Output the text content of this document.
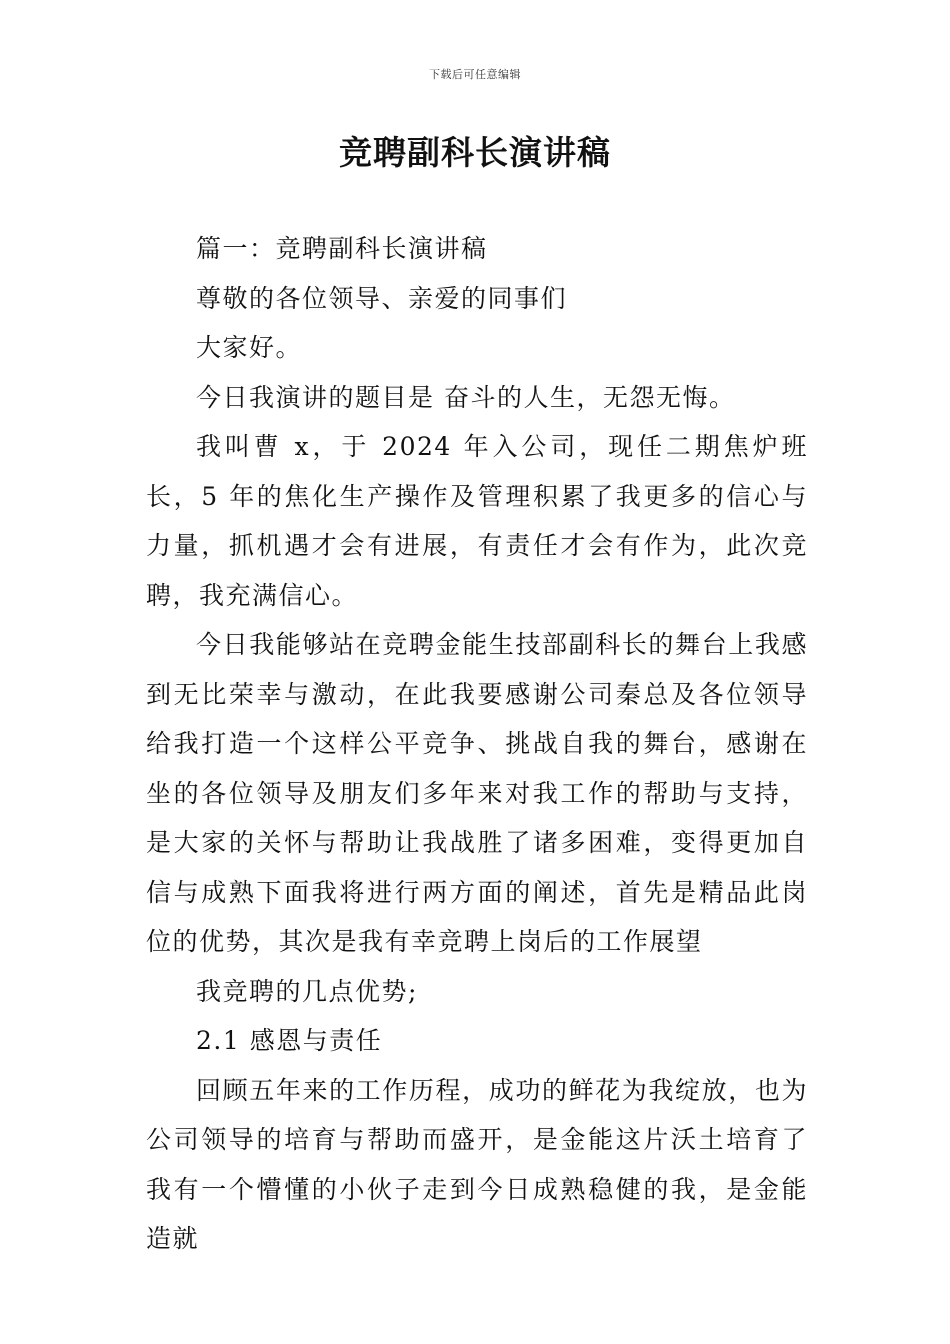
下载后可任意编辑
竞聘副科长演讲稿

篇一：竞聘副科长演讲稿

尊敬的各位领导、亲爱的同事们

大家好。

今日我演讲的题目是 奋斗的人生，无怨无悔。

我叫曹 x，于 2024 年入公司，现任二期焦炉班长，5 年的焦化生产操作及管理积累了我更多的信心与力量，抓机遇才会有进展，有责任才会有作为，此次竞聘，我充满信心。

今日我能够站在竞聘金能生技部副科长的舞台上我感到无比荣幸与激动，在此我要感谢公司秦总及各位领导给我打造一个这样公平竞争、挑战自我的舞台，感谢在坐的各位领导及朋友们多年来对我工作的帮助与支持，是大家的关怀与帮助让我战胜了诸多困难，变得更加自信与成熟下面我将进行两方面的阐述，首先是精品此岗位的优势，其次是我有幸竞聘上岗后的工作展望

我竞聘的几点优势;

2.1 感恩与责任

回顾五年来的工作历程，成功的鲜花为我绽放，也为公司领导的培育与帮助而盛开，是金能这片沃土培育了我有一个懵懂的小伙子走到今日成熟稳健的我，是金能造就
